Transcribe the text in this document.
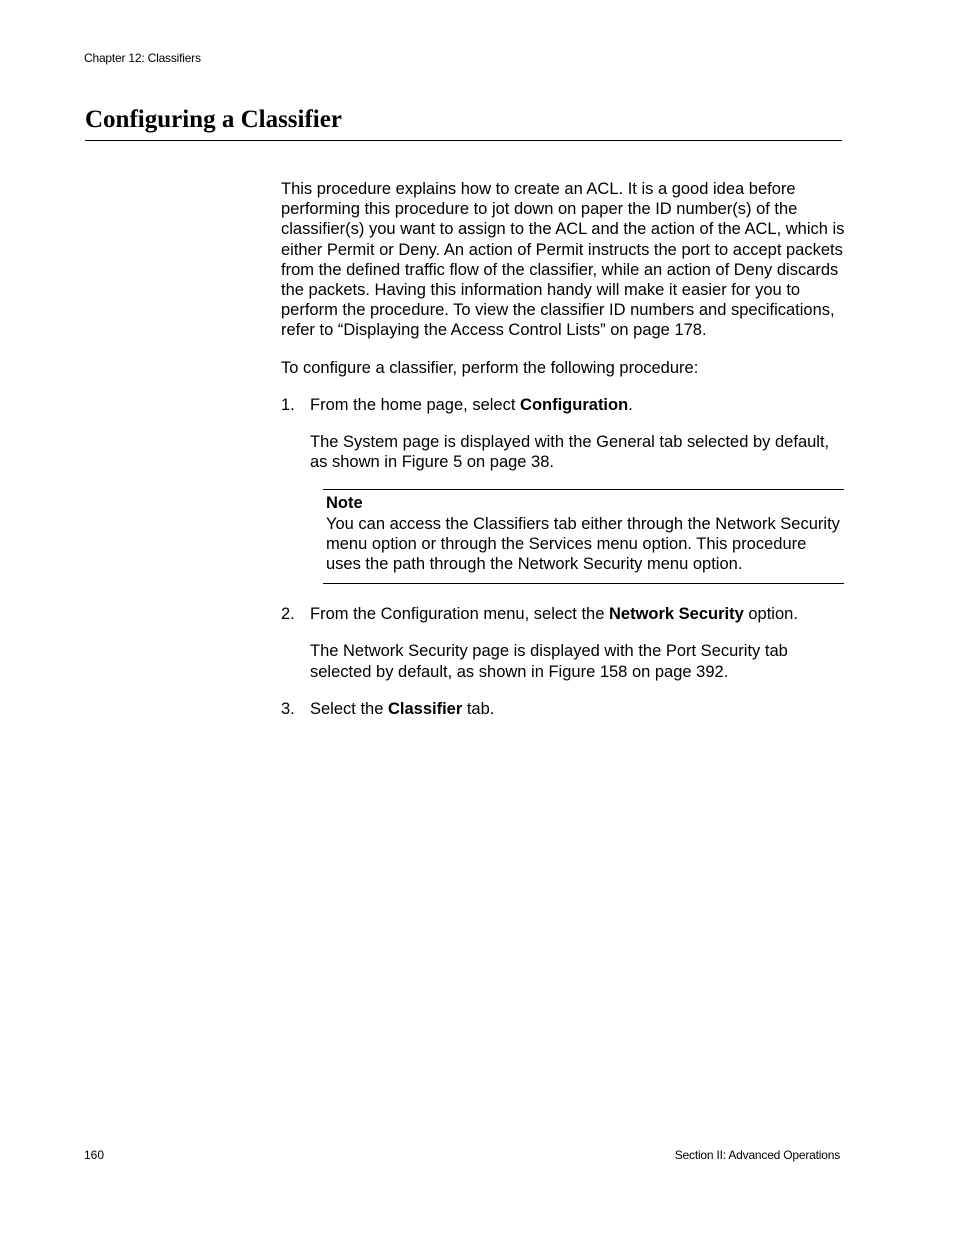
Chapter 12: Classifiers
Configuring a Classifier

This procedure explains how to create an ACL. It is a good idea before performing this procedure to jot down on paper the ID number(s) of the classifier(s) you want to assign to the ACL and the action of the ACL, which is either Permit or Deny. An action of Permit instructs the port to accept packets from the defined traffic flow of the classifier, while an action of Deny discards the packets. Having this information handy will make it easier for you to perform the procedure. To view the classifier ID numbers and specifications, refer to “Displaying the Access Control Lists” on page 178.

To configure a classifier, perform the following procedure:

1. From the home page, select Configuration.

The System page is displayed with the General tab selected by default, as shown in Figure 5 on page 38.

Note
You can access the Classifiers tab either through the Network Security menu option or through the Services menu option. This procedure uses the path through the Network Security menu option.
2. From the Configuration menu, select the Network Security option.

The Network Security page is displayed with the Port Security tab selected by default, as shown in Figure 158 on page 392.

3. Select the Classifier tab.
160	Section II: Advanced Operations
